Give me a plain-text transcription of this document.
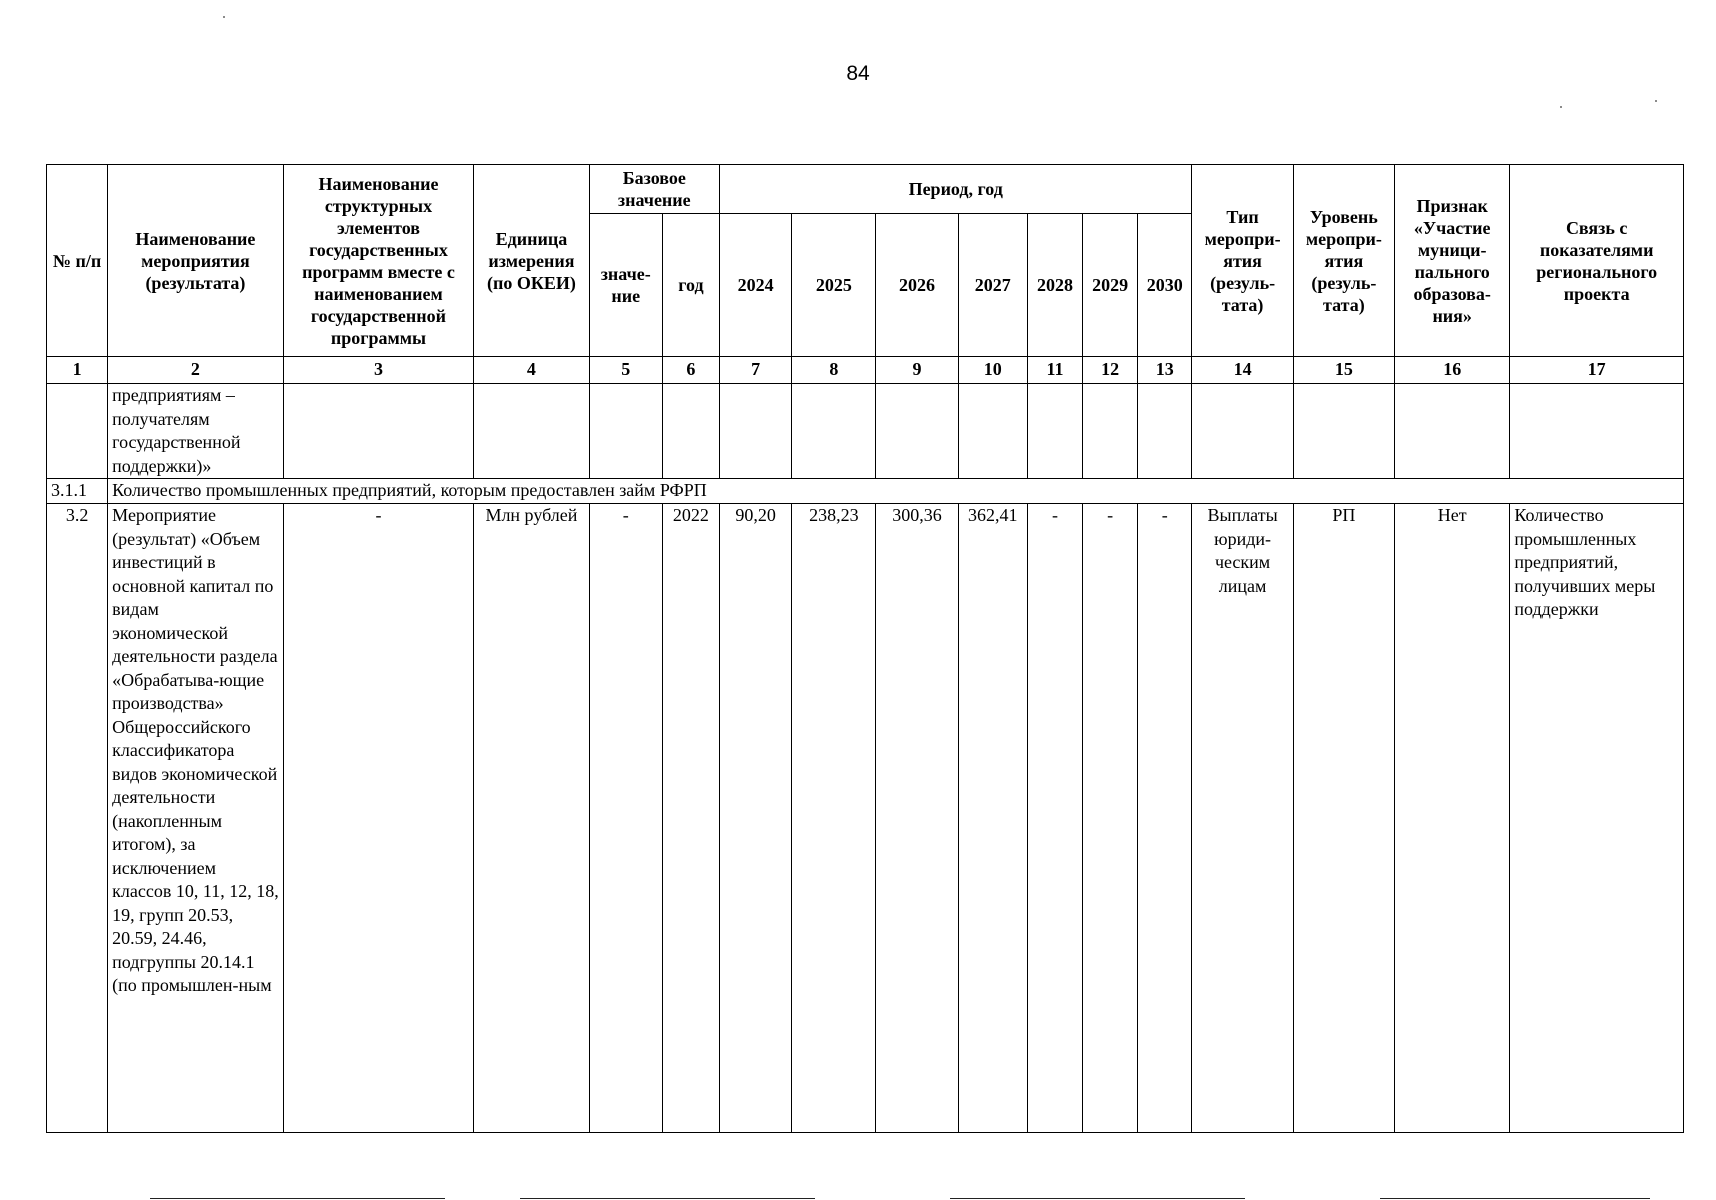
84
№ п/п	Наименование мероприятия (результата)	Наименование структурных элементов государственных программ вместе с наименованием государственной программы	Единица измерения (по ОКЕИ)	Базовое значение		Период, год							Тип меропри-ятия (резуль-тата)	Уровень меропри-ятия (резуль-тата)	Признак «Участие муници-пального образова-ния»	Связь с показателями регионального проекта
				значе-ние	год	2024	2025	2026	2027	2028	2029	2030				
1	2	3	4	5	6	7	8	9	10	11	12	13	14	15	16	17
	предприятиям – получателям государственной поддержки)»															
3.1.1	Количество промышленных предприятий, которым предоставлен займ РФРП															
3.2	Мероприятие (результат) «Объем инвестиций в основной капитал по видам экономической деятельности раздела «Обрабатыва-ющие производства» Общероссийского классификатора видов экономической деятельности (накопленным итогом), за исключением классов 10, 11, 12, 18, 19, групп 20.53, 20.59, 24.46, подгруппы 20.14.1 (по промышлен-ным	-	Млн рублей	-	2022	90,20	238,23	300,36	362,41	-	-	-	Выплаты юриди-ческим лицам	РП	Нет	Количество промышленных предприятий, получивших меры поддержки
